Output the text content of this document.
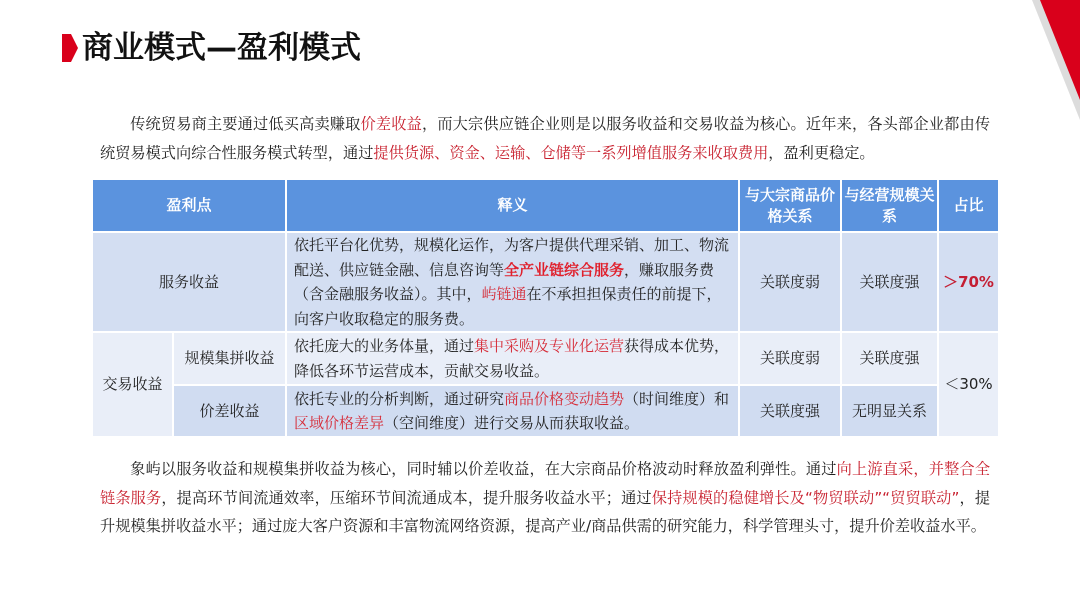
商业模式—盈利模式
传统贸易商主要通过低买高卖赚取价差收益，而大宗供应链企业则是以服务收益和交易收益为核心。近年来，各头部企业都由传统贸易模式向综合性服务模式转型，通过提供货源、资金、运输、仓储等一系列增值服务来收取费用，盈利更稳定。
盈利点		释义	与大宗商品价格关系	与经营规模关系	占比
服务收益		依托平台化优势，规模化运作，为客户提供代理采销、加工、物流配送、供应链金融、信息咨询等全产业链综合服务，赚取服务费（含金融服务收益）。其中，屿链通在不承担担保责任的前提下，向客户收取稳定的服务费。	关联度弱	关联度强	＞70%
交易收益	规模集拼收益	依托庞大的业务体量，通过集中采购及专业化运营获得成本优势，降低各环节运营成本，贡献交易收益。	关联度弱	关联度强	＜30%
	价差收益	依托专业的分析判断，通过研究商品价格变动趋势（时间维度）和区域价格差异（空间维度）进行交易从而获取收益。	关联度强	无明显关系	
象屿以服务收益和规模集拼收益为核心，同时辅以价差收益，在大宗商品价格波动时释放盈利弹性。通过向上游直采，并整合全链条服务，提高环节间流通效率，压缩环节间流通成本，提升服务收益水平；通过保持规模的稳健增长及“物贸联动”“贸贸联动”，提升规模集拼收益水平；通过庞大客户资源和丰富物流网络资源，提高产业/商品供需的研究能力，科学管理头寸，提升价差收益水平。
